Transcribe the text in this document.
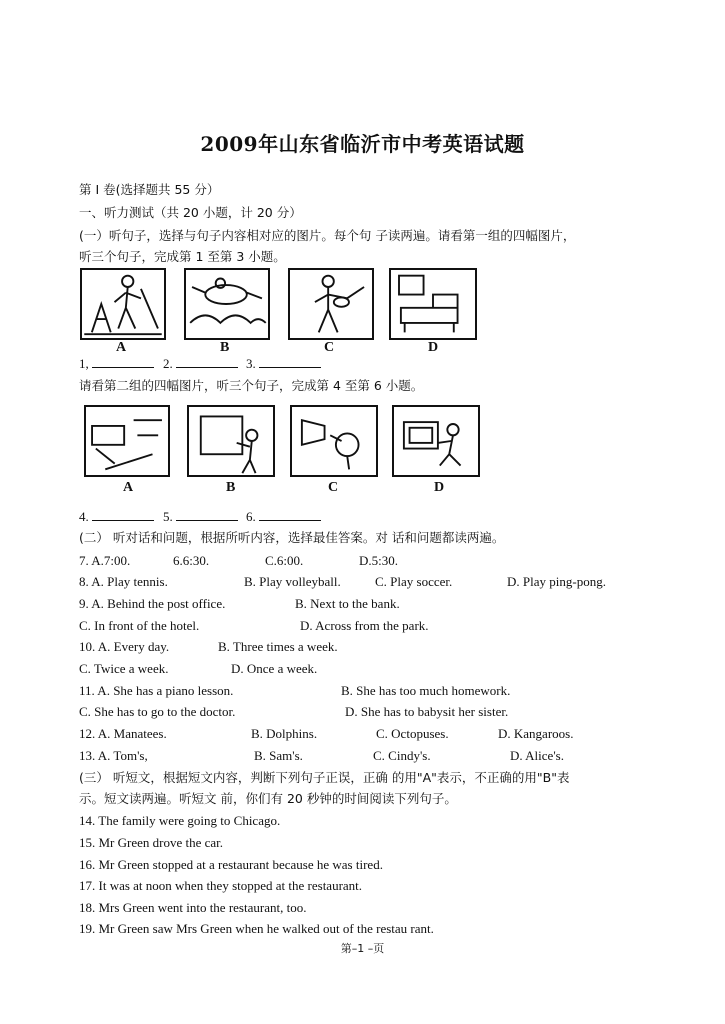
2009年山东省临沂市中考英语试题
第 I 卷(选择题共 55 分）
一、听力测试（共 20 小题，计 20 分）
(一）听句子，选择与句子内容相对应的图片。每个句 子读两遍。请看第一组的四幅图片，
听三个句子，完成第 1 至第 3 小题。
A	B	C	D
1,	2.	3.
请看第二组的四幅图片，听三个句子，完成第 4 至第 6 小题。
A	B	C	D
4.	5.	6.
(二） 听对话和问题，根据所听内容，选择最佳答案。对 话和问题都读两遍。
7. A.7:00.	6.6:30.	C.6:00.	D.5:30.
8. A. Play tennis.	B. Play volleyball.	C. Play soccer.	D. Play ping-pong.
9. A. Behind the post office.	B. Next to the bank.
C. In front of the hotel.	D. Across from the park.
10. A. Every day.	B. Three times a week.
C. Twice a week.	D. Once a week.
11. A. She has a piano lesson.	B. She has too much homework.
C. She has to go to the doctor.	D. She has to babysit her sister.
12. A. Manatees.	B. Dolphins.	C. Octopuses.	D. Kangaroos.
13. A. Tom's,	B. Sam's.	C. Cindy's.	D. Alice's.
(三） 听短文，根据短文内容，判断下列句子正误，正确 的用"A"表示，不正确的用"B"表
示。短文读两遍。听短文 前，你们有 20 秒钟的时间阅读下列句子。
14. The family were going to Chicago.
15. Mr Green drove the car.
16. Mr Green stopped at a restaurant because he was tired.
17. It was at noon when they stopped at the restaurant.
18. Mrs Green went into the restaurant, too.
19. Mr Green saw Mrs Green when he walked out of the restau rant.
第–1 –页
